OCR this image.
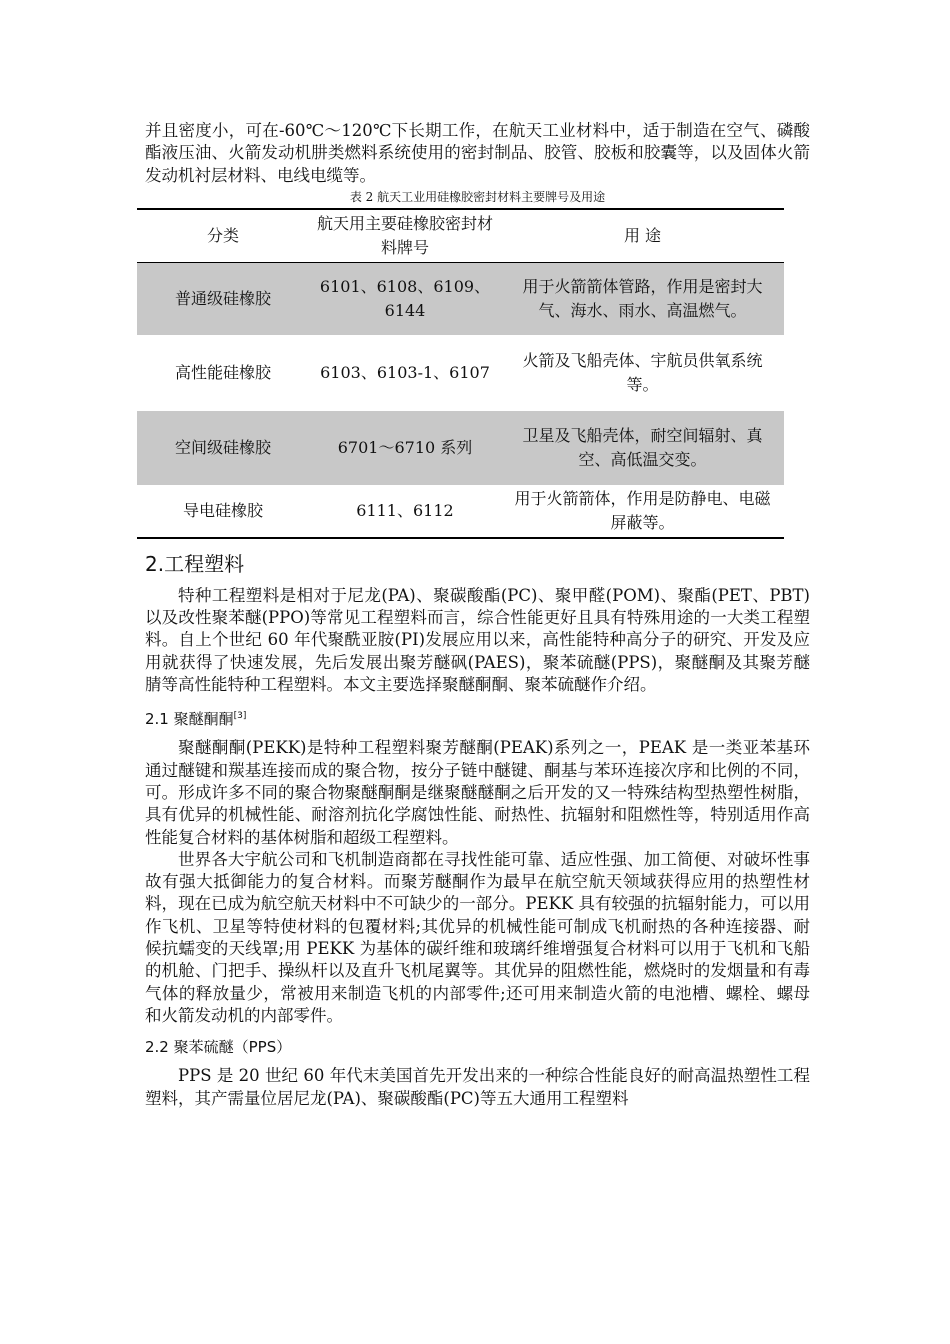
并且密度小，可在-60℃～120℃下长期工作，在航天工业材料中，适于制造在空气、磷酸酯液压油、火箭发动机肼类燃料系统使用的密封制品、胶管、胶板和胶囊等，以及固体火箭发动机衬层材料、电线电缆等。

表 2 航天工业用硅橡胶密封材料主要牌号及用途
分类	航天用主要硅橡胶密封材料牌号	用 途
普通级硅橡胶	6101、6108、6109、6144	用于火箭箭体管路，作用是密封大气、海水、雨水、高温燃气。
高性能硅橡胶	6103、6103-1、6107	火箭及飞船壳体、宇航员供氧系统等。
空间级硅橡胶	6701～6710 系列	卫星及飞船壳体，耐空间辐射、真空、高低温交变。
导电硅橡胶	6111、6112	用于火箭箭体，作用是防静电、电磁屏蔽等。
2.工程塑料

特种工程塑料是相对于尼龙(PA)、聚碳酸酯(PC)、聚甲醛(POM)、聚酯(PET、PBT)以及改性聚苯醚(PPO)等常见工程塑料而言，综合性能更好且具有特殊用途的一大类工程塑料。自上个世纪 60 年代聚酰亚胺(PI)发展应用以来，高性能特种高分子的研究、开发及应用就获得了快速发展，先后发展出聚芳醚砜(PAES)，聚苯硫醚(PPS)，聚醚酮及其聚芳醚腈等高性能特种工程塑料。本文主要选择聚醚酮酮、聚苯硫醚作介绍。

2.1 聚醚酮酮[3]

聚醚酮酮(PEKK)是特种工程塑料聚芳醚酮(PEAK)系列之一，PEAK 是一类亚苯基环通过醚键和羰基连接而成的聚合物，按分子链中醚键、酮基与苯环连接次序和比例的不同，可。形成许多不同的聚合物聚醚酮酮是继聚醚醚酮之后开发的又一特殊结构型热塑性树脂，具有优异的机械性能、耐溶剂抗化学腐蚀性能、耐热性、抗辐射和阻燃性等，特别适用作高性能复合材料的基体树脂和超级工程塑料。

世界各大宇航公司和飞机制造商都在寻找性能可靠、适应性强、加工简便、对破坏性事故有强大抵御能力的复合材料。而聚芳醚酮作为最早在航空航天领域获得应用的热塑性材料，现在已成为航空航天材料中不可缺少的一部分。PEKK 具有较强的抗辐射能力，可以用作飞机、卫星等特使材料的包覆材料;其优异的机械性能可制成飞机耐热的各种连接器、耐候抗蠕变的天线罩;用 PEKK 为基体的碳纤维和玻璃纤维增强复合材料可以用于飞机和飞船的机舱、门把手、操纵杆以及直升飞机尾翼等。其优异的阻燃性能，燃烧时的发烟量和有毒气体的释放量少，常被用来制造飞机的内部零件;还可用来制造火箭的电池槽、螺栓、螺母和火箭发动机的内部零件。

2.2 聚苯硫醚（PPS）

PPS 是 20 世纪 60 年代末美国首先开发出来的一种综合性能良好的耐高温热塑性工程塑料，其产需量位居尼龙(PA)、聚碳酸酯(PC)等五大通用工程塑料
